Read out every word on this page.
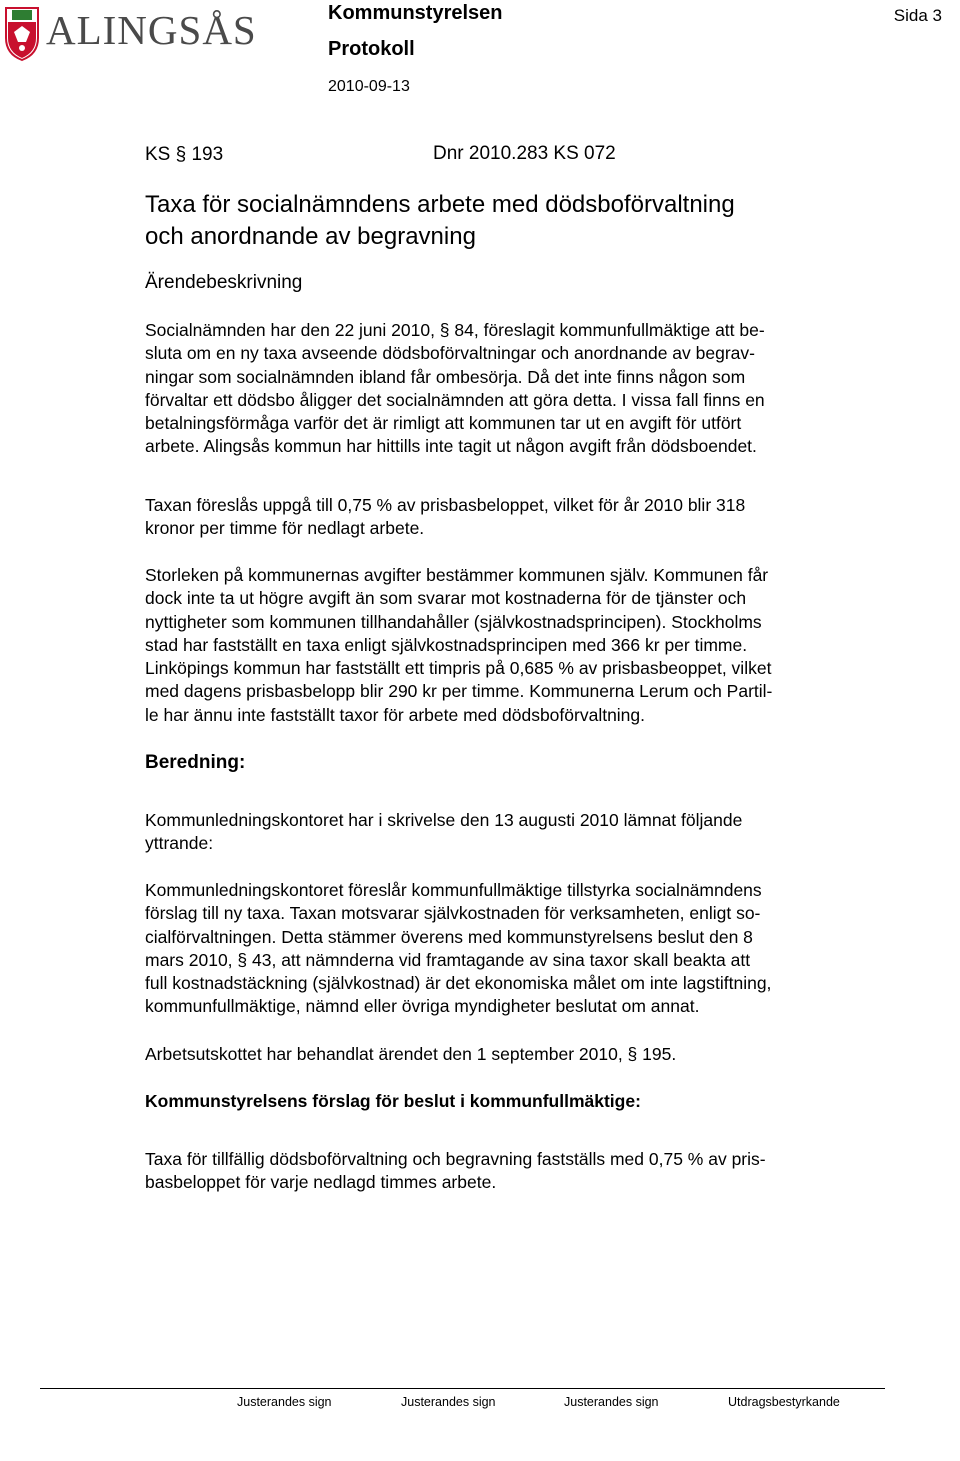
ALINGSÅS	Kommunstyrelsen
Protokoll
2010-09-13
Sida 3
KS § 193	Dnr 2010.283 KS 072
Taxa för socialnämndens arbete med dödsboförvaltning
och anordnande av begravning
Ärendebeskrivning
Socialnämnden har den 22 juni 2010, § 84, föreslagit kommunfullmäktige att be-
sluta om en ny taxa avseende dödsboförvaltningar och anordnande av begrav-
ningar som socialnämnden ibland får ombesörja. Då det inte finns någon som
förvaltar ett dödsbo åligger det socialnämnden att göra detta. I vissa fall finns en
betalningsförmåga varför det är rimligt att kommunen tar ut en avgift för utfört
arbete. Alingsås kommun har hittills inte tagit ut någon avgift från dödsboendet.
Taxan föreslås uppgå till 0,75 % av prisbasbeloppet, vilket för år 2010 blir 318
kronor per timme för nedlagt arbete.
Storleken på kommunernas avgifter bestämmer kommunen själv. Kommunen får
dock inte ta ut högre avgift än som svarar mot kostnaderna för de tjänster och
nyttigheter som kommunen tillhandahåller (självkostnadsprincipen). Stockholms
stad har fastställt en taxa enligt självkostnadsprincipen med 366 kr per timme.
Linköpings kommun har fastställt ett timpris på 0,685 % av prisbasbeoppet, vilket
med dagens prisbasbelopp blir 290 kr per timme. Kommunerna Lerum och Partil-
le har ännu inte fastställt taxor för arbete med dödsboförvaltning.
Beredning:
Kommunledningskontoret har i skrivelse den 13 augusti 2010 lämnat följande
yttrande:
Kommunledningskontoret föreslår kommunfullmäktige tillstyrka socialnämndens
förslag till ny taxa. Taxan motsvarar självkostnaden för verksamheten, enligt so-
cialförvaltningen. Detta stämmer överens med kommunstyrelsens beslut den 8
mars 2010, § 43, att nämnderna vid framtagande av sina taxor skall beakta att
full kostnadstäckning (självkostnad) är det ekonomiska målet om inte lagstiftning,
kommunfullmäktige, nämnd eller övriga myndigheter beslutat om annat.
Arbetsutskottet har behandlat ärendet den 1 september 2010, § 195.
Kommunstyrelsens förslag för beslut i kommunfullmäktige:
Taxa för tillfällig dödsboförvaltning och begravning fastställs med 0,75 % av pris-
basbeloppet för varje nedlagd timmes arbete.
Justerandes sign	Justerandes sign	Justerandes sign	Utdragsbestyrkande
